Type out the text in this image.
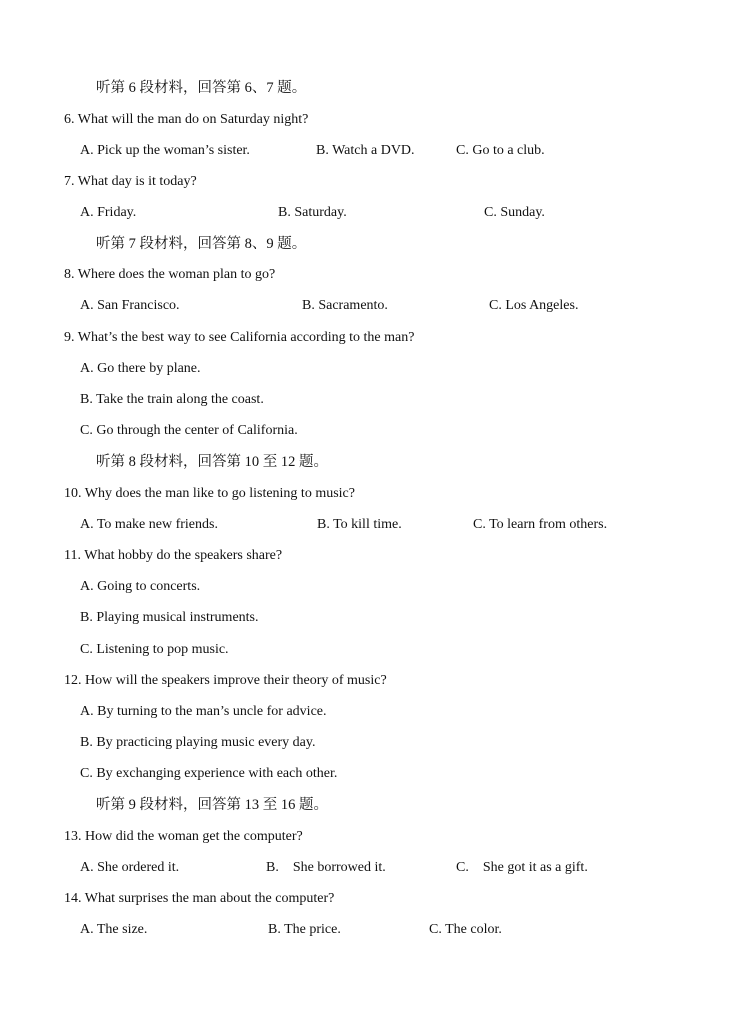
听第 6 段材料，回答第 6、7 题。
6. What will the man do on Saturday night?
A. Pick up the woman’s sister.	B. Watch a DVD.	C. Go to a club.
7. What day is it today?
A. Friday.	B. Saturday.	C. Sunday.
听第 7 段材料，回答第 8、9 题。
8. Where does the woman plan to go?
A. San Francisco.	B. Sacramento.	C. Los Angeles.
9. What’s the best way to see California according to the man?
A. Go there by plane.
B. Take the train along the coast.
C. Go through the center of California.
听第 8 段材料，回答第 10 至 12 题。
10. Why does the man like to go listening to music?
A. To make new friends.	B. To kill time.	C. To learn from others.
11. What hobby do the speakers share?
A. Going to concerts.
B. Playing musical instruments.
C. Listening to pop music.
12. How will the speakers improve their theory of music?
A. By turning to the man’s uncle for advice.
B. By practicing playing music every day.
C. By exchanging experience with each other.
听第 9 段材料，回答第 13 至 16 题。
13. How did the woman get the computer?
A. She ordered it.	B.　She borrowed it.	C.　She got it as a gift.
14. What surprises the man about the computer?
A. The size.	B. The price.	C. The color.
